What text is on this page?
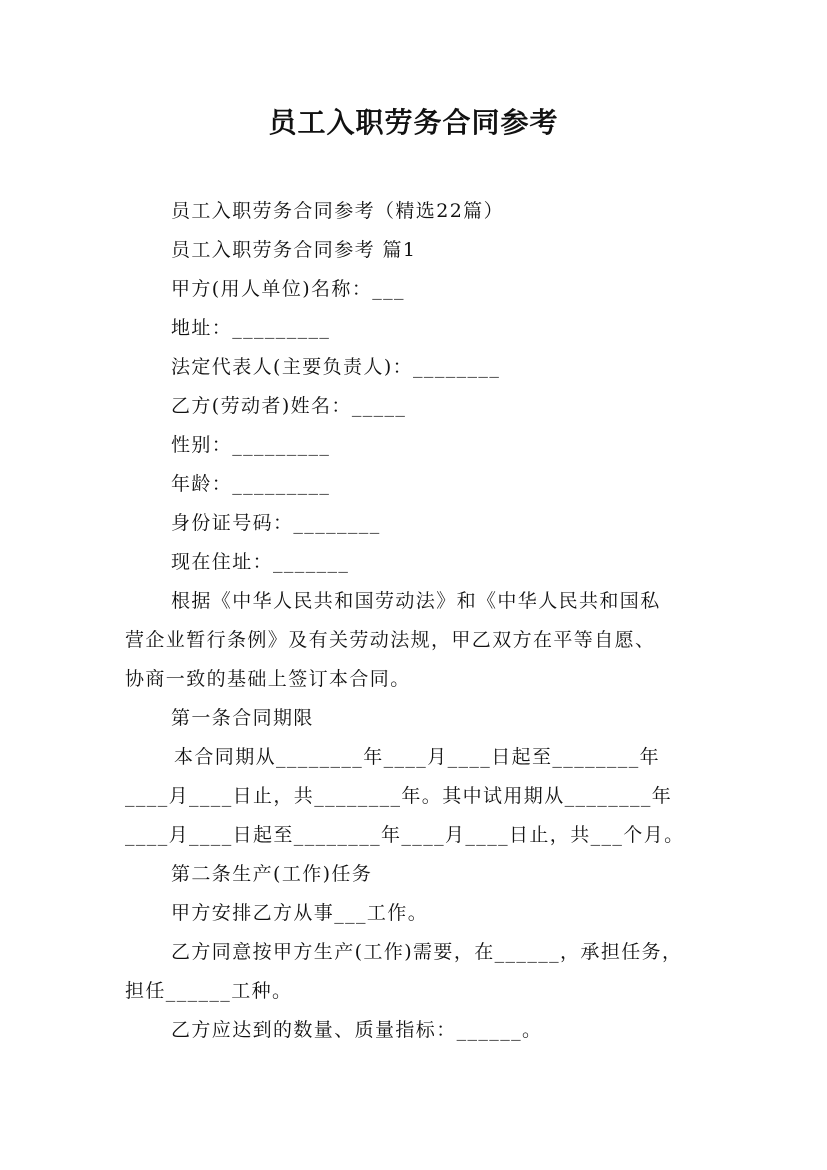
员工入职劳务合同参考
员工入职劳务合同参考（精选22篇）
员工入职劳务合同参考 篇1
甲方(用人单位)名称：___
地址：_________
法定代表人(主要负责人)：________
乙方(劳动者)姓名：_____
性别：_________
年龄：_________
身份证号码：________
现在住址：_______
根据《中华人民共和国劳动法》和《中华人民共和国私
营企业暂行条例》及有关劳动法规，甲乙双方在平等自愿、
协商一致的基础上签订本合同。
第一条合同期限
本合同期从________年____月____日起至________年
____月____日止，共________年。其中试用期从________年
____月____日起至________年____月____日止，共___个月。
第二条生产(工作)任务
甲方安排乙方从事___工作。
乙方同意按甲方生产(工作)需要，在______，承担任务，
担任______工种。
乙方应达到的数量、质量指标：______。
